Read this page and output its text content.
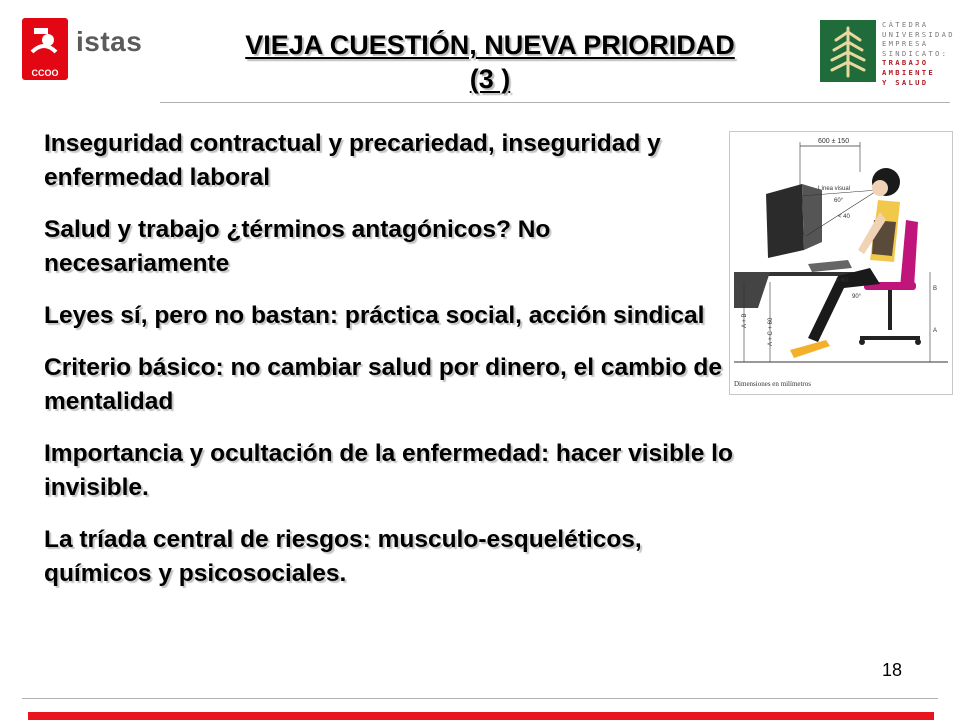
CCOO
istas	VIEJA CUESTIÓN, NUEVA PRIORIDAD
(3 )
CÁTEDRA
UNIVERSIDAD
EMPRESA
SINDICATO:
TRABAJO
AMBIENTE
Y SALUD
Inseguridad contractual y precariedad, inseguridad y enfermedad laboral
Salud y trabajo ¿términos antagónicos? No necesariamente
Leyes sí, pero no bastan: práctica social, acción sindical
Criterio básico: no cambiar salud por dinero, el cambio de mentalidad
Importancia y ocultación de la enfermedad: hacer visible lo invisible.
La tríada central de riesgos: musculo-esqueléticos, químicos y psicosociales.
600 ± 150
Línea visual
60°
< 40
> 60
90°
B
A
A + B	A + C + 60
Dimensiones en milímetros
18
